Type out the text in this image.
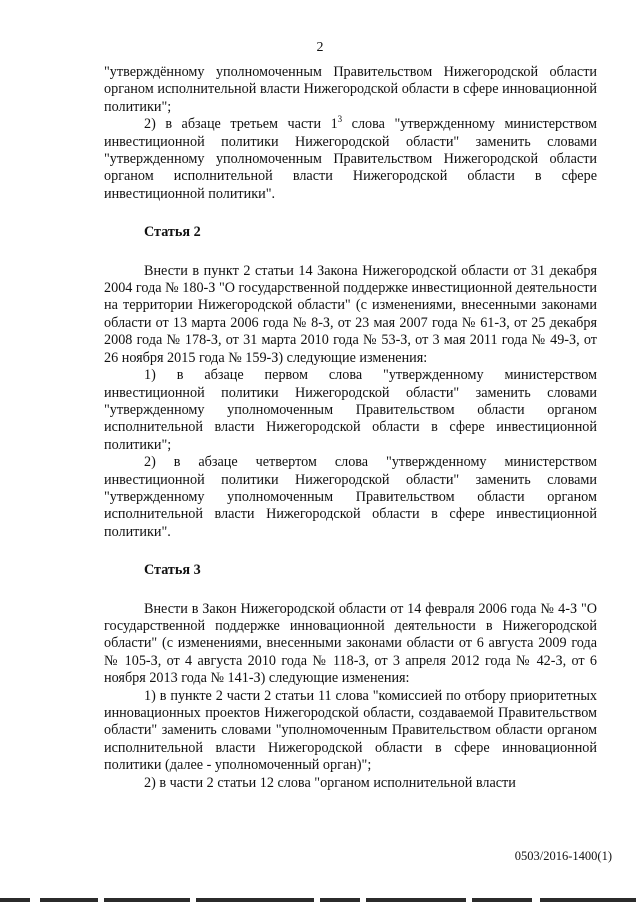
2

"утверждённому уполномоченным Правительством Нижегородской области органом исполнительной власти Нижегородской области в сфере инновационной политики";

2) в абзаце третьем части $1^3$ слова "утвержденному министерством инвестиционной политики Нижегородской области" заменить словами "утвержденному уполномоченным Правительством Нижегородской области органом исполнительной власти Нижегородской области в сфере инвестиционной политики".

Статья 2

Внести в пункт 2 статьи 14 Закона Нижегородской области от 31 декабря 2004 года № 180-З "О государственной поддержке инвестиционной деятельности на территории Нижегородской области" (с изменениями, внесенными законами области от 13 марта 2006 года № 8-З, от 23 мая 2007 года № 61-З, от 25 декабря 2008 года № 178-З, от 31 марта 2010 года № 53-З, от 3 мая 2011 года № 49-З, от 26 ноября 2015 года № 159-З) следующие изменения:

1) в абзаце первом слова "утвержденному министерством инвестиционной политики Нижегородской области" заменить словами "утвержденному уполномоченным Правительством области органом исполнительной власти Нижегородской области в сфере инвестиционной политики";

2) в абзаце четвертом слова "утвержденному министерством инвестиционной политики Нижегородской области" заменить словами "утвержденному уполномоченным Правительством области органом исполнительной власти Нижегородской области в сфере инвестиционной политики".

Статья 3

Внести в Закон Нижегородской области от 14 февраля 2006 года № 4-З "О государственной поддержке инновационной деятельности в Нижегородской области" (с изменениями, внесенными законами области от 6 августа 2009 года № 105-З, от 4 августа 2010 года № 118-З, от 3 апреля 2012 года № 42-З, от 6 ноября 2013 года № 141-З) следующие изменения:

1) в пункте 2 части 2 статьи 11 слова "комиссией по отбору приоритетных инновационных проектов Нижегородской области, создаваемой Правительством области" заменить словами "уполномоченным Правительством области органом исполнительной власти Нижегородской области в сфере инновационной политики (далее - уполномоченный орган)";

2) в части 2 статьи 12 слова "органом исполнительной власти

0503/2016-1400(1)
